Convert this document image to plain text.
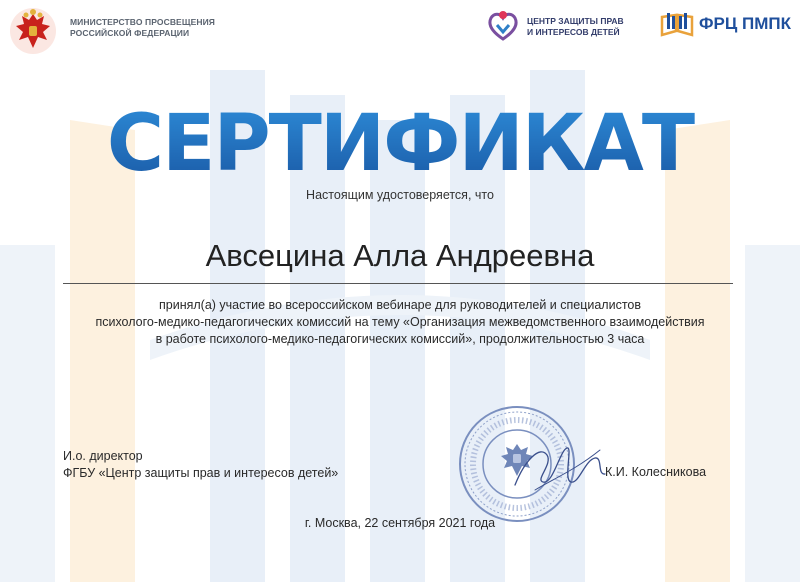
МИНИСТЕРСТВО ПРОСВЕЩЕНИЯ
РОССИЙСКОЙ ФЕДЕРАЦИИ
ЦЕНТР ЗАЩИТЫ ПРАВ
И ИНТЕРЕСОВ ДЕТЕЙ	ФРЦ ПМПК
СЕРТИФИКАТ
Настоящим удостоверяется, что
Авсецина Алла Андреевна
принял(а) участие во всероссийском вебинаре для руководителей и специалистов
психолого-медико-педагогических комиссий на тему «Организация межведомственного взаимодействия
в работе психолого-медико-педагогических комиссий», продолжительностью 3 часа
И.о. директор
ФГБУ «Центр защиты прав и интересов детей»	К.И. Колесникова
г. Москва, 22 сентября 2021 года
